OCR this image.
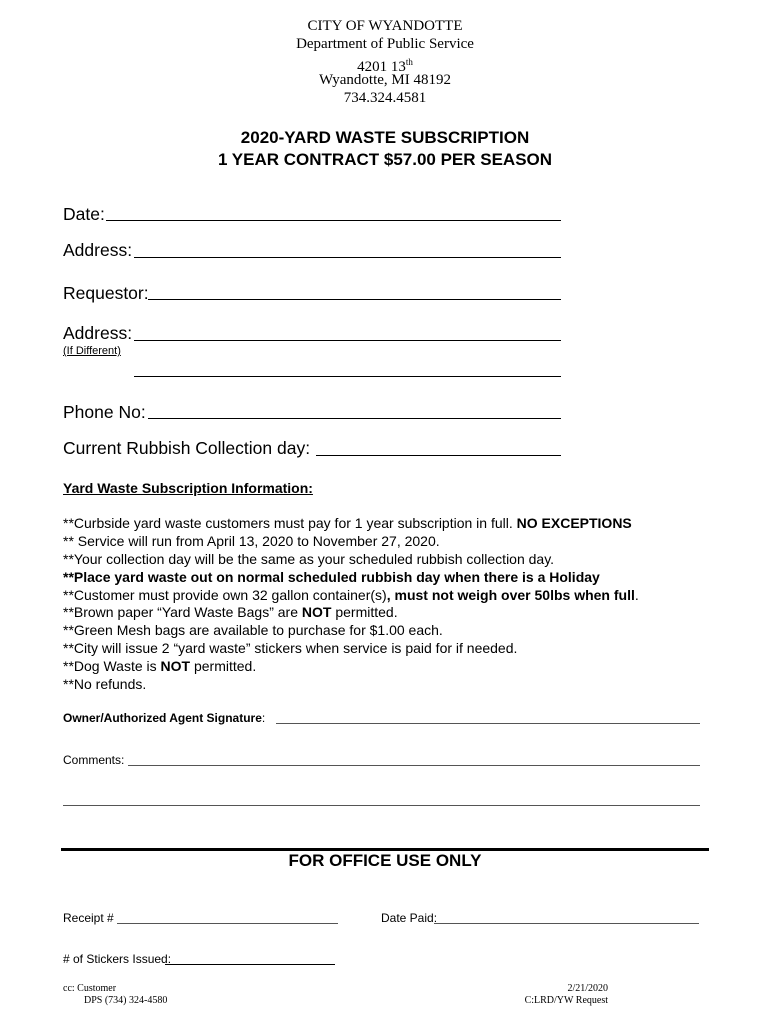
CITY OF WYANDOTTE
Department of Public Service
4201 13th
Wyandotte, MI 48192
734.324.4581
2020-YARD WASTE SUBSCRIPTION
1 YEAR CONTRACT $57.00 PER SEASON
Date:
Address:
Requestor:
Address:
(If Different)
Phone No:
Current Rubbish Collection day:
Yard Waste Subscription Information:
**Curbside yard waste customers must pay for 1 year subscription in full. NO EXCEPTIONS
** Service will run from April 13, 2020 to November 27, 2020.
**Your collection day will be the same as your scheduled rubbish collection day.
**Place yard waste out on normal scheduled rubbish day when there is a Holiday
**Customer must provide own 32 gallon container(s), must not weigh over 50lbs when full.
**Brown paper “Yard Waste Bags” are NOT permitted.
**Green Mesh bags are available to purchase for $1.00 each.
**City will issue 2 “yard waste” stickers when service is paid for if needed.
**Dog Waste is NOT permitted.
**No refunds.
Owner/Authorized Agent Signature:
Comments:
FOR OFFICE USE ONLY
Receipt #	Date Paid:
# of Stickers Issued:
cc: Customer
DPS (734) 324-4580
2/21/2020
C:LRD/YW Request
